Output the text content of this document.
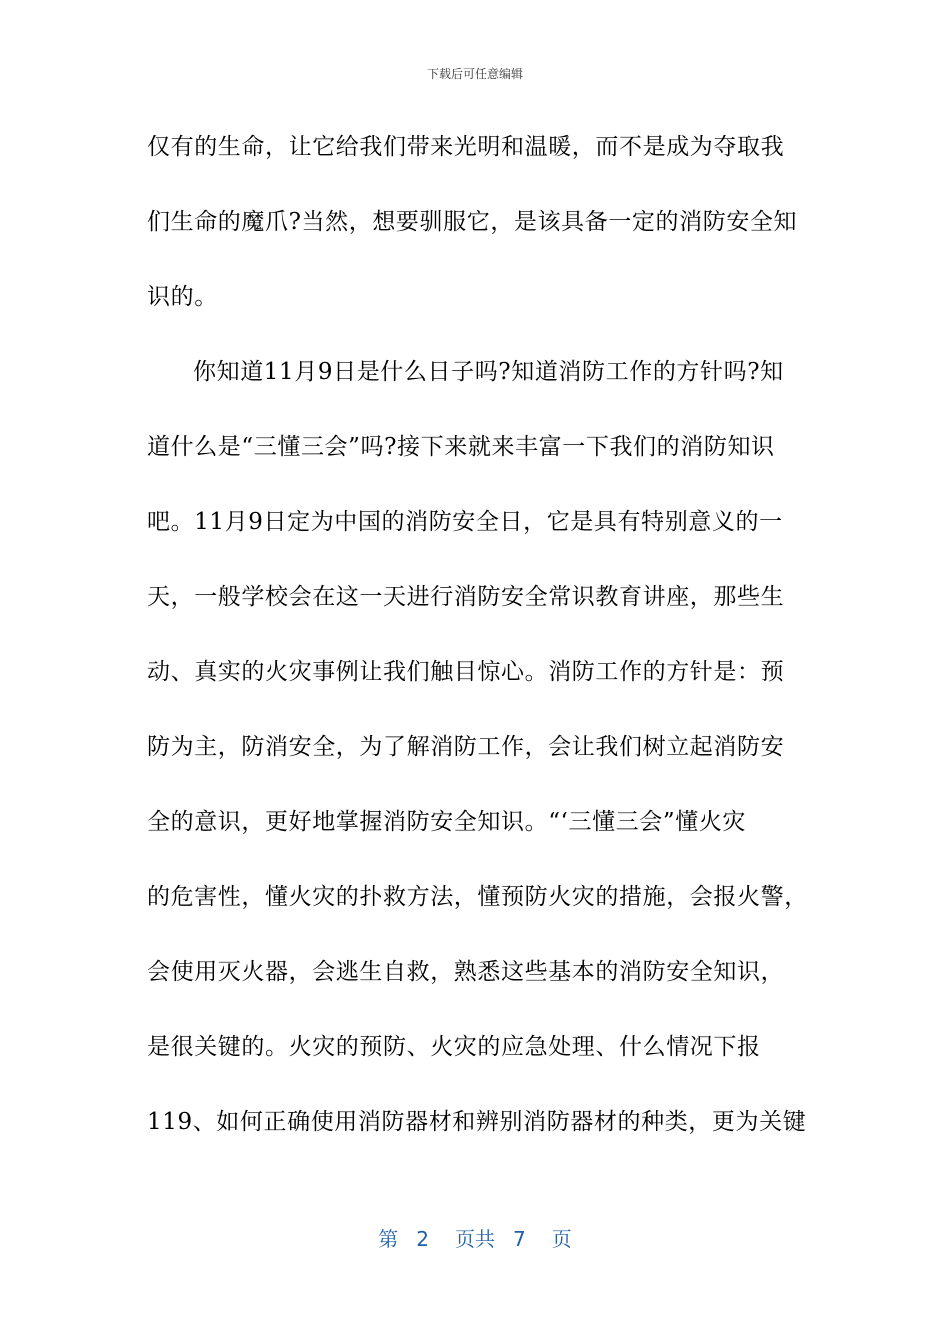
下载后可任意编辑
仅有的生命，让它给我们带来光明和温暖，而不是成为夺取我
们生命的魔爪?当然，想要驯服它，是该具备一定的消防安全知
识的。
你知道11月9日是什么日子吗?知道消防工作的方针吗?知
道什么是“三懂三会”吗?接下来就来丰富一下我们的消防知识
吧。11月9日定为中国的消防安全日，它是具有特别意义的一
天，一般学校会在这一天进行消防安全常识教育讲座，那些生
动、真实的火灾事例让我们触目惊心。消防工作的方针是：预
防为主，防消安全，为了解消防工作，会让我们树立起消防安
全的意识，更好地掌握消防安全知识。“‘三懂三会”懂火灾
的危害性，懂火灾的扑救方法，懂预防火灾的措施，会报火警，
会使用灭火器，会逃生自救，熟悉这些基本的消防安全知识，
是很关键的。火灾的预防、火灾的应急处理、什么情况下报
119、如何正确使用消防器材和辨别消防器材的种类，更为关键
第 2 页共 7 页
